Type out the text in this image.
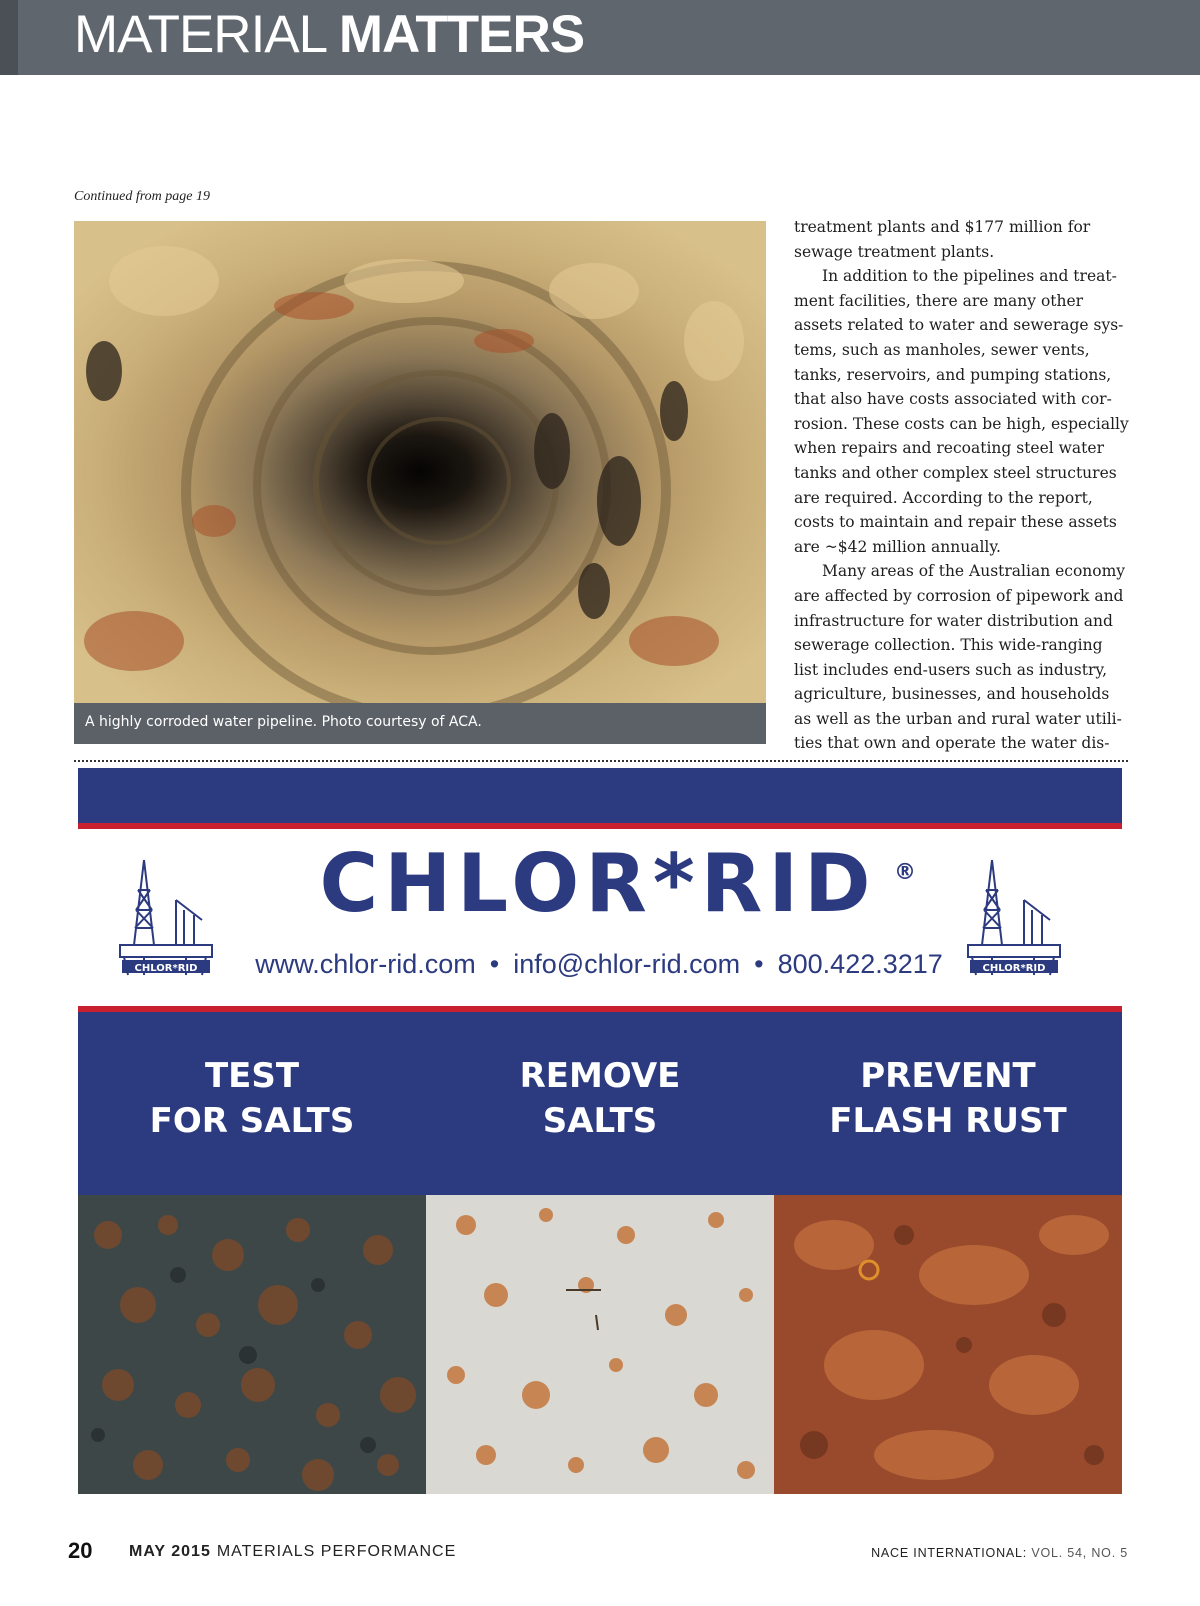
MATERIAL MATTERS
Continued from page 19
A highly corroded water pipeline. Photo courtesy of ACA.
treatment plants and $177 million for
sewage treatment plants.
In addition to the pipelines and treat-
ment facilities, there are many other
assets related to water and sewerage sys-
tems, such as manholes, sewer vents,
tanks, reservoirs, and pumping stations,
that also have costs associated with cor-
rosion. These costs can be high, especially
when repairs and recoating steel water
tanks and other complex steel structures
are required. According to the report,
costs to maintain and repair these assets
are ~$42 million annually.
Many areas of the Australian economy
are affected by corrosion of pipework and
infrastructure for water distribution and
sewerage collection. This wide-ranging
list includes end-users such as industry,
agriculture, businesses, and households
as well as the urban and rural water utili-
ties that own and operate the water dis-
CHLOR*RID
CHLOR*RID ®
www.chlor-rid.com • info@chlor-rid.com • 800.422.3217	CHLOR*RID
TEST
FOR SALTS
REMOVE
SALTS
PREVENT
FLASH RUST
20 MAY 2015 MATERIALS PERFORMANCE	NACE INTERNATIONAL: VOL. 54, NO. 5
